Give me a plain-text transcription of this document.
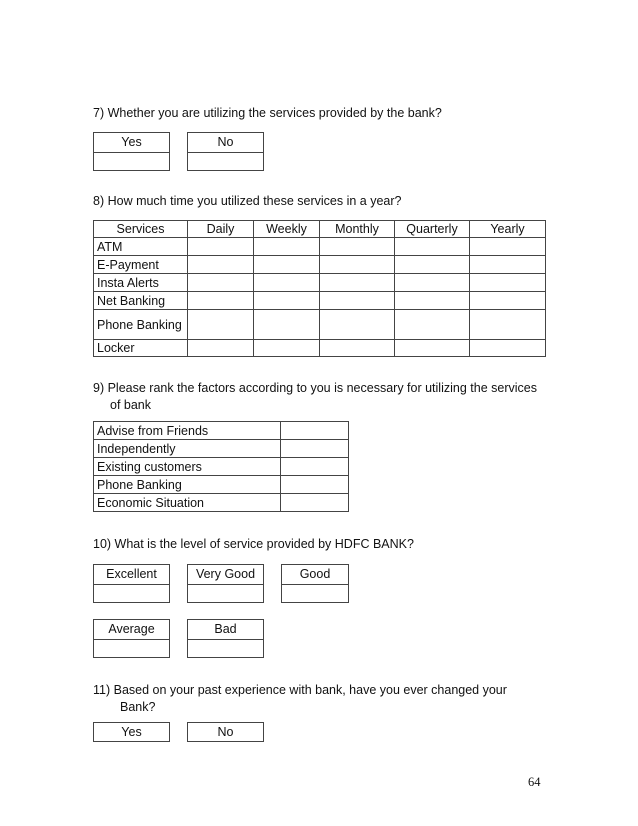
7) Whether you are utilizing the services provided by the bank?
Yes	No
8) How much time you utilized these services in a year?
Services	Daily	Weekly	Monthly	Quarterly	Yearly
ATM					
E-Payment					
Insta Alerts					
Net Banking					
Phone Banking					
Locker					
9) Please rank the factors according to you is necessary for utilizing the services
of bank
Advise from Friends	
Independently	
Existing customers	
Phone Banking	
Economic Situation	
10) What is the level of service provided by HDFC BANK?
Excellent	Very Good	Good
Average	Bad
11) Based on your past experience with bank, have you ever changed your
Bank?
Yes	No
64
